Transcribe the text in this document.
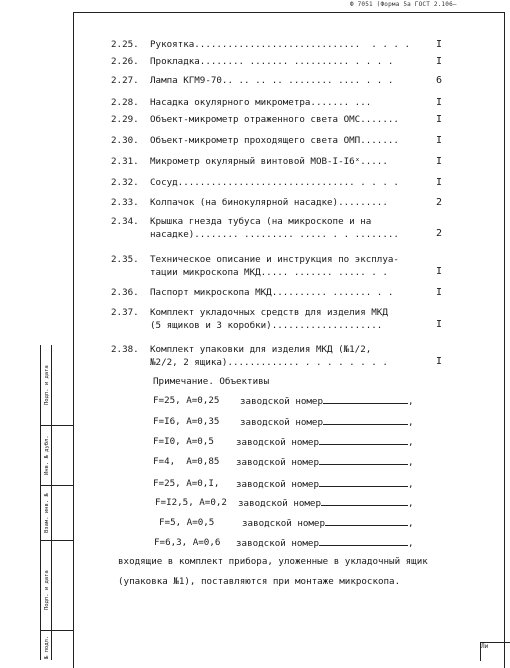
Ф 7051 (Форма 5а ГОСТ 2.106—
2.25. Рукоятка..............................  . . . .	I
2.26. Прокладка........ ....... .......... . . . .	I
2.27. Лампа КГМ9-70.. .. .. .. ........ .... . . .	6
2.28. Насадка окулярного микрометра....... ...	I
2.29. Объект-микрометр отраженного света ОМС.......	I
2.30. Объект-микрометр проходящего света ОМП.......	I
2.31. Микрометр окулярный винтовой МОВ-I-I6ˣ.....	I
2.32. Сосуд................................ . . . .	I
2.33. Колпачок (на бинокулярной насадке).........	2
2.34. Крышка гнезда тубуса (на микроскопе и на
насадке)........ ......... ..... . . ........	2
2.35. Техническое описание и инструкция по эксплуа-
тации микроскопа МКД..... ....... ..... . .	I
2.36. Паспорт микроскопа МКД.......... ....... . .	I
2.37. Комплект укладочных средств для изделия МКД
(5 ящиков и 3 коробки)....................	I
2.38. Комплект упаковки для изделия МКД (№1/2,
№2/2, 2 ящика)............. . . . . . . . .	I
Примечание. Объективы
F=25, A=0,25 заводской номер	,
F=I6, A=0,35 заводской номер	,
F=I0, A=0,5 заводской номер	,
F=4,  A=0,85 заводской номер	,
F=25, A=0,I, заводской номер	,
F=I2,5, A=0,2 заводской номер	,
F=5, A=0,5	заводской номер	,
F=6,3, A=0,6 заводской номер	,
входящие в комплект прибора, уложенные в укладочный ящик
(упаковка №1), поставляются при монтаже микроскопа.
Подп. и дата
Инв. № дубл.
Взам. инв. №
Подп. и дата
№ подл.	Ли
